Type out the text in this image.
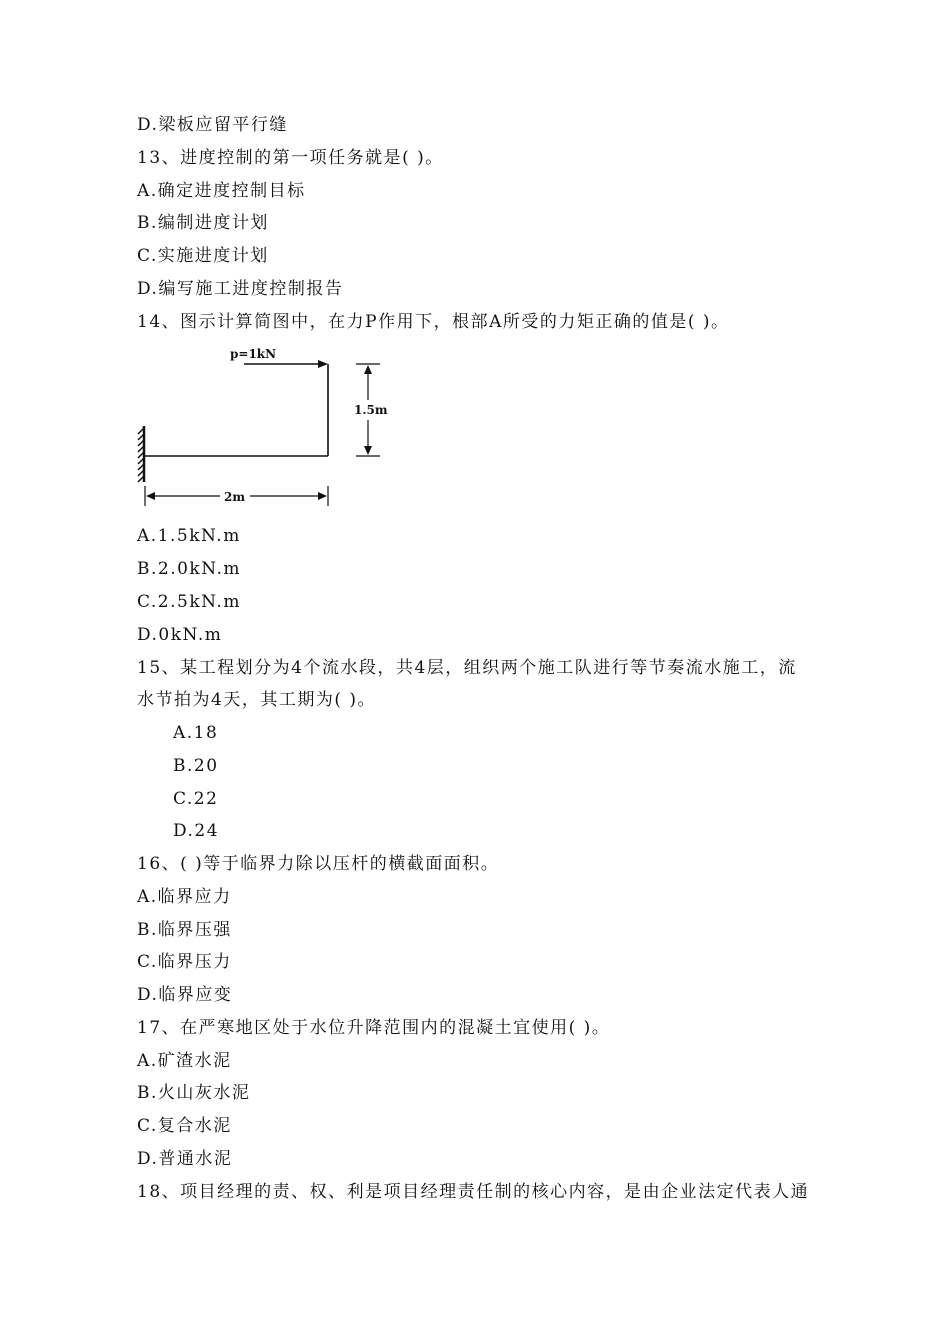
D.梁板应留平行缝
13、进度控制的第一项任务就是( )。
A.确定进度控制目标
B.编制进度计划
C.实施进度计划
D.编写施工进度控制报告
14、图示计算简图中，在力P作用下，根部A所受的力矩正确的值是( )。
p=1kN
1.5m
2m
A.1.5kN.m
B.2.0kN.m
C.2.5kN.m
D.0kN.m
15、某工程划分为4个流水段，共4层，组织两个施工队进行等节奏流水施工，流
水节拍为4天，其工期为( )。
A.18
B.20
C.22
D.24
16、( )等于临界力除以压杆的横截面面积。
A.临界应力
B.临界压强
C.临界压力
D.临界应变
17、在严寒地区处于水位升降范围内的混凝土宜使用( )。
A.矿渣水泥
B.火山灰水泥
C.复合水泥
D.普通水泥
18、项目经理的责、权、利是项目经理责任制的核心内容，是由企业法定代表人通
